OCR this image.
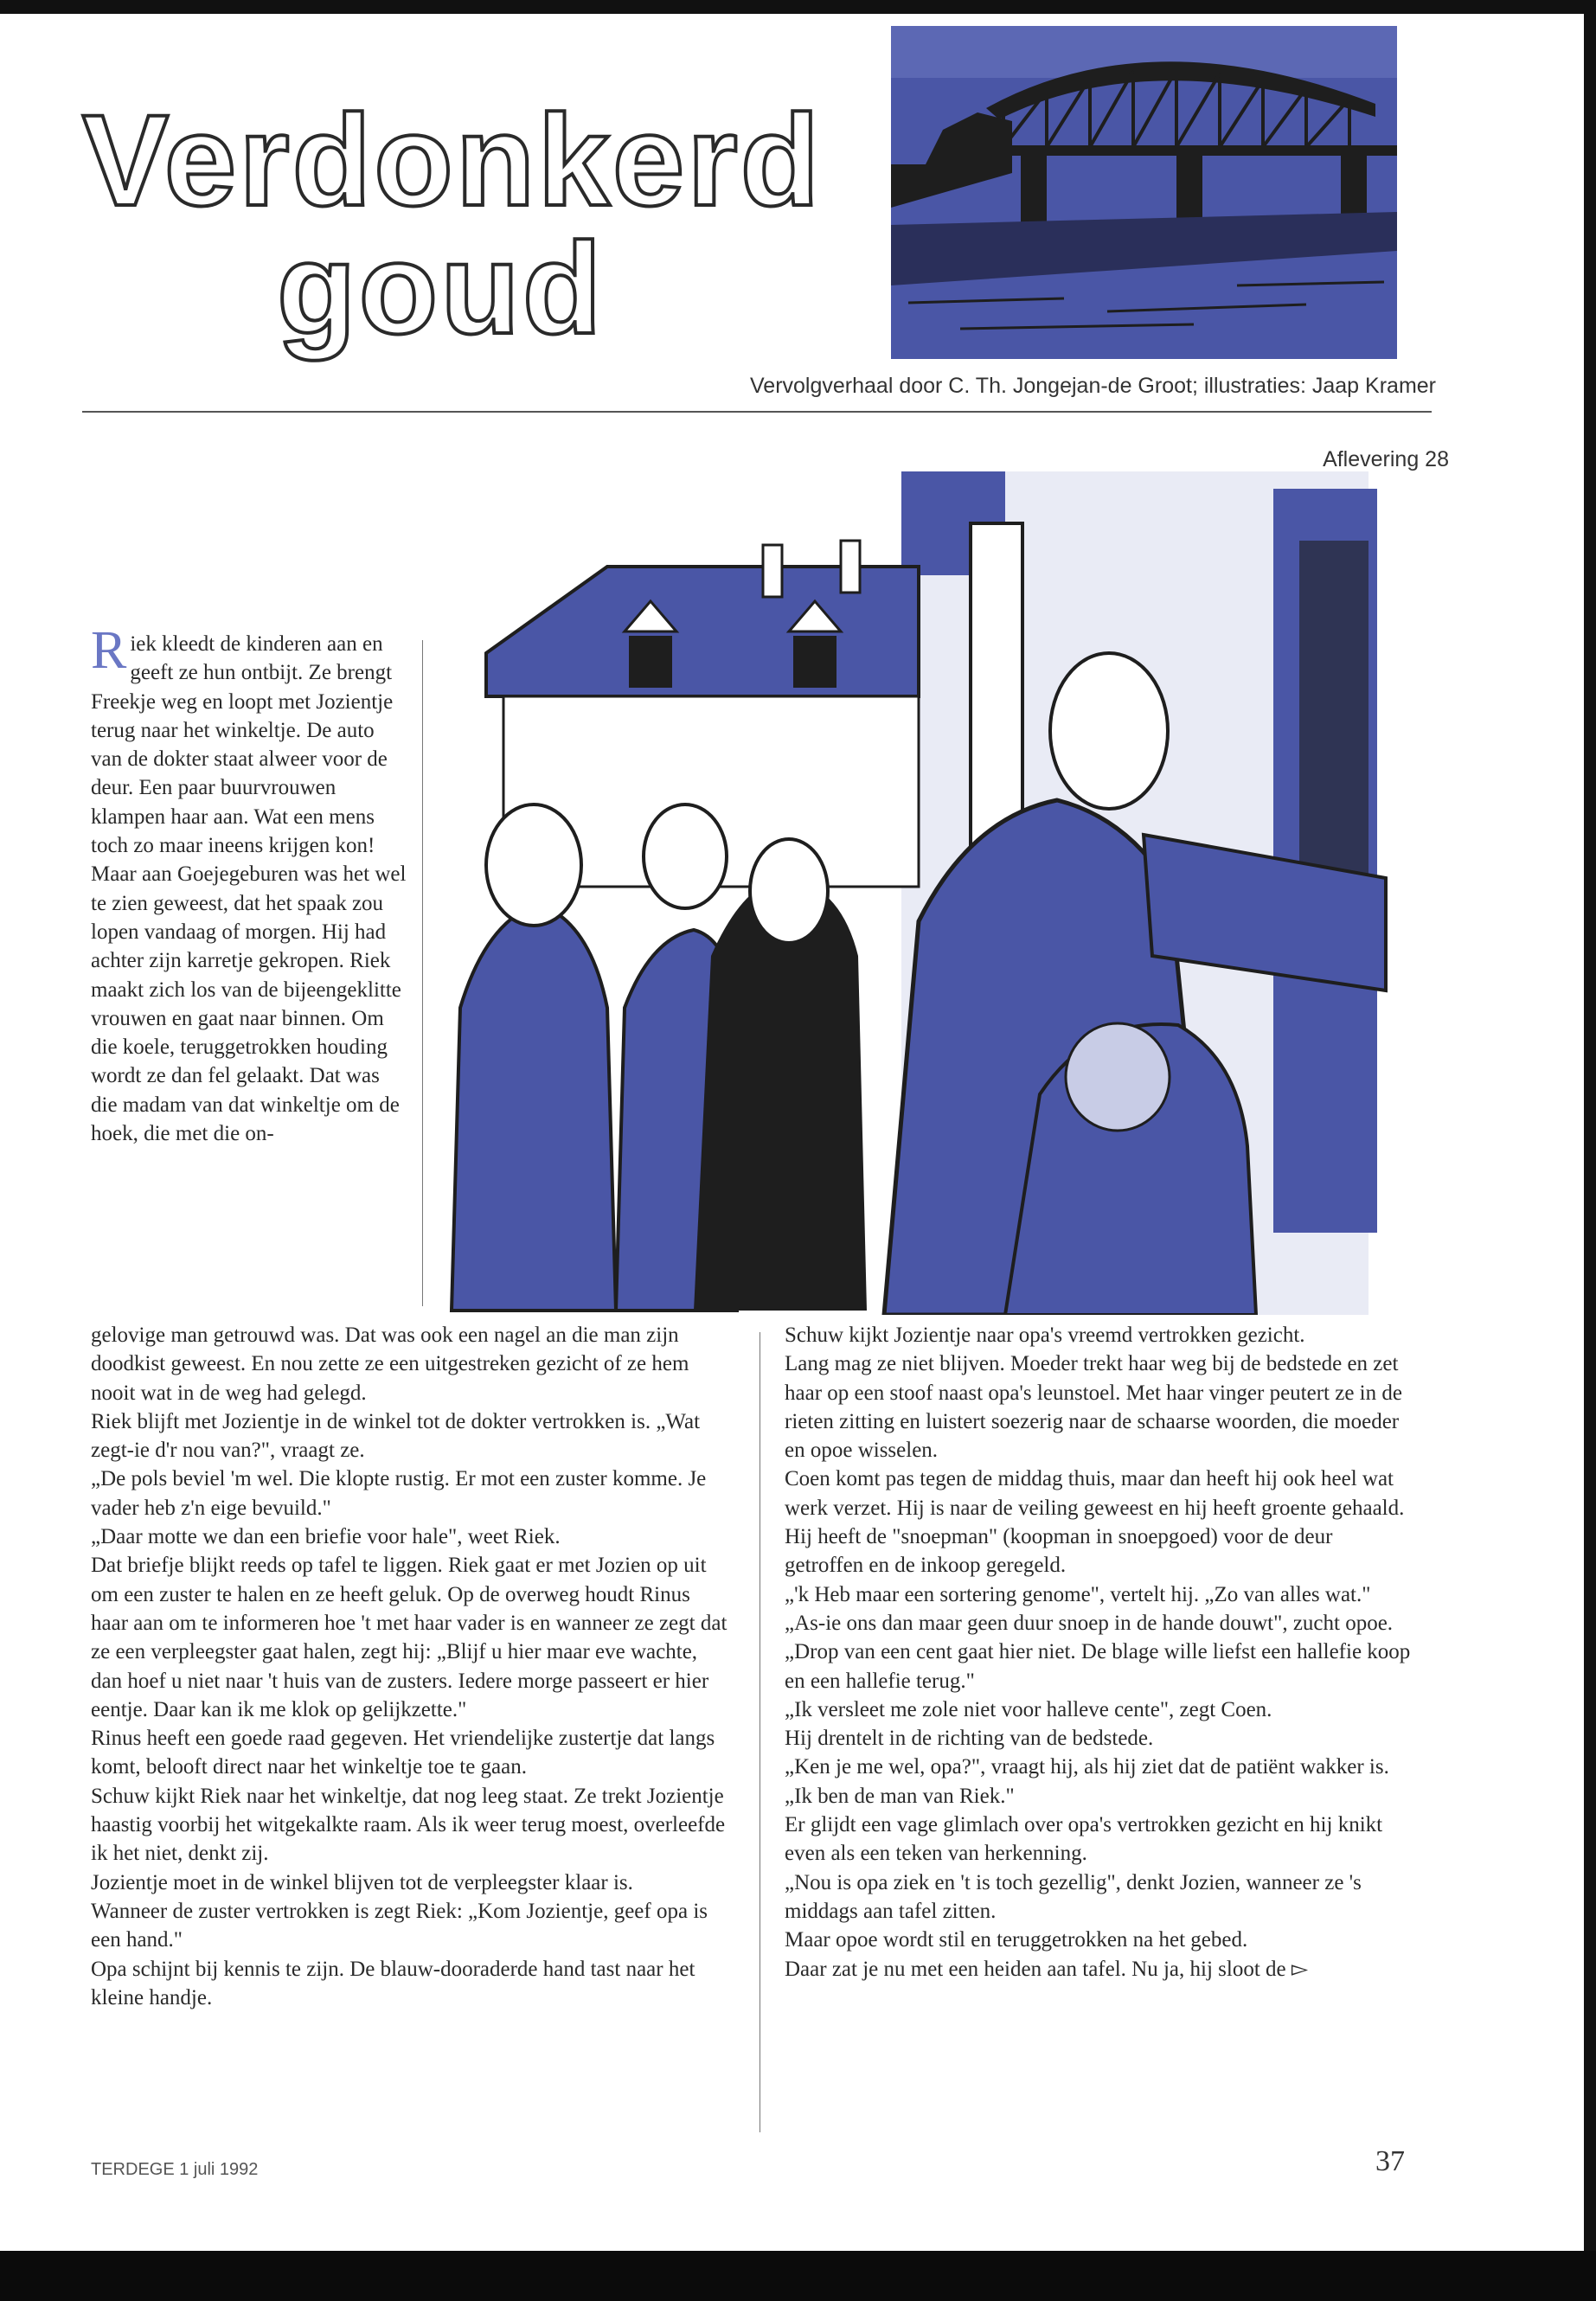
Verdonkerd
goud
Vervolgverhaal door C. Th. Jongejan-de Groot; illustraties: Jaap Kramer
Aflevering 28
Riek kleedt de kinderen aan en geeft ze hun ontbijt. Ze brengt Freekje weg en loopt met Jozientje terug naar het winkeltje. De auto van de dokter staat alweer voor de deur. Een paar buurvrouwen klampen haar aan. Wat een mens toch zo maar ineens krijgen kon! Maar aan Goejegeburen was het wel te zien geweest, dat het spaak zou lopen vandaag of morgen. Hij had achter zijn karretje gekropen. Riek maakt zich los van de bijeengeklitte vrouwen en gaat naar binnen. Om die koele, teruggetrokken houding wordt ze dan fel gelaakt. Dat was die madam van dat winkeltje om de hoek, die met die on-

gelovige man getrouwd was. Dat was ook een nagel an die man zijn doodkist geweest. En nou zette ze een uitgestreken gezicht of ze hem nooit wat in de weg had gelegd.

Riek blijft met Jozientje in de winkel tot de dokter vertrokken is. „Wat zegt-ie d'r nou van?", vraagt ze.

„De pols beviel 'm wel. Die klopte rustig. Er mot een zuster komme. Je vader heb z'n eige bevuild."

„Daar motte we dan een briefie voor hale", weet Riek.

Dat briefje blijkt reeds op tafel te liggen. Riek gaat er met Jozien op uit om een zuster te halen en ze heeft geluk. Op de overweg houdt Rinus haar aan om te informeren hoe 't met haar vader is en wanneer ze zegt dat ze een verpleegster gaat halen, zegt hij: „Blijf u hier maar eve wachte, dan hoef u niet naar 't huis van de zusters. Iedere morge passeert er hier eentje. Daar kan ik me klok op gelijkzette."

Rinus heeft een goede raad gegeven. Het vriendelijke zustertje dat langs komt, belooft direct naar het winkeltje toe te gaan.

Schuw kijkt Riek naar het winkeltje, dat nog leeg staat. Ze trekt Jozientje haastig voorbij het witgekalkte raam. Als ik weer terug moest, overleefde ik het niet, denkt zij.

Jozientje moet in de winkel blijven tot de verpleegster klaar is.

Wanneer de zuster vertrokken is zegt Riek: „Kom Jozientje, geef opa is een hand."

Opa schijnt bij kennis te zijn. De blauw-dooraderde hand tast naar het kleine handje.

Schuw kijkt Jozientje naar opa's vreemd vertrokken gezicht.

Lang mag ze niet blijven. Moeder trekt haar weg bij de bedstede en zet haar op een stoof naast opa's leunstoel. Met haar vinger peutert ze in de rieten zitting en luistert soezerig naar de schaarse woorden, die moeder en opoe wisselen.

Coen komt pas tegen de middag thuis, maar dan heeft hij ook heel wat werk verzet. Hij is naar de veiling geweest en hij heeft groente gehaald. Hij heeft de "snoepman" (koopman in snoepgoed) voor de deur getroffen en de inkoop geregeld.

„'k Heb maar een sortering genome", vertelt hij. „Zo van alles wat."

„As-ie ons dan maar geen duur snoep in de hande douwt", zucht opoe. „Drop van een cent gaat hier niet. De blage wille liefst een hallefie koop en een hallefie terug."

„Ik versleet me zole niet voor halleve cente", zegt Coen.

Hij drentelt in de richting van de bedstede.

„Ken je me wel, opa?", vraagt hij, als hij ziet dat de patiënt wakker is. „Ik ben de man van Riek."

Er glijdt een vage glimlach over opa's vertrokken gezicht en hij knikt even als een teken van herkenning.

„Nou is opa ziek en 't is toch gezellig", denkt Jozien, wanneer ze 's middags aan tafel zitten.

Maar opoe wordt stil en teruggetrokken na het gebed.

Daar zat je nu met een heiden aan tafel. Nu ja, hij sloot de ▻

TERDEGE 1 juli 1992	37
